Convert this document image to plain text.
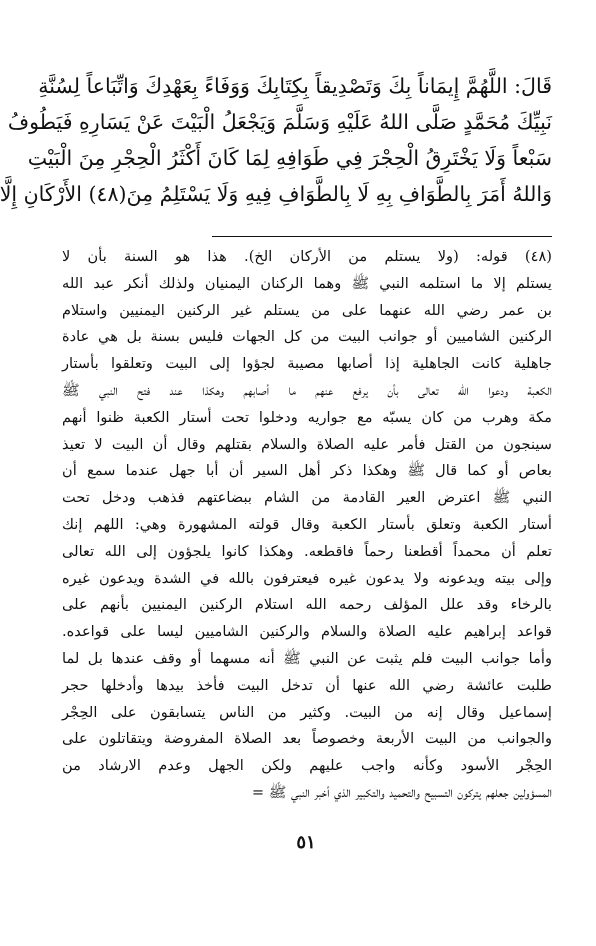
قَالَ: اللَّهُمَّ إِيمَاناً بِكَ وَتَصْدِيقاً بِكِتَابِكَ وَوَفَاءً بِعَهْدِكَ وَاتِّبَاعاً لِسُنَّةِ
نَبِيِّكَ مُحَمَّدٍ صَلَّى اللهُ عَلَيْهِ وَسَلَّمَ وَيَجْعَلُ الْبَيْتَ عَنْ يَسَارِهِ فَيَطُوفُ
سَبْعاً وَلَا يَخْتَرِقُ الْحِجْرَ فِي طَوَافِهِ لِمَا كَانَ أَكْثَرُ الْحِجْرِ مِنَ الْبَيْتِ
وَاللهُ أَمَرَ بِالطَّوَافِ بِهِ لَا بِالطَّوَافِ فِيهِ وَلَا يَسْتَلِمُ مِنَ(٤٨) الأَرْكَانِ إِلَّا
(٤٨) قوله: (ولا يستلم من الأركان الخ). هذا هو السنة بأن لا
يستلم إلا ما استلمه النبي ﷺ وهما الركنان اليمنيان ولذلك أنكر عبد الله
بن عمر رضي الله عنهما على من يستلم غير الركنين اليمنيين واستلام
الركنين الشاميين أو جوانب البيت من كل الجهات فليس بسنة بل هي عادة
جاهلية كانت الجاهلية إذا أصابها مصيبة لجؤوا إلى البيت وتعلقوا بأستار
الكعبة ودعوا الله تعالى بأن يرفع عنهم ما أصابهم وهكذا عند فتح النبي ﷺ
مكة وهرب من كان يسبّه مع جواريه ودخلوا تحت أستار الكعبة ظنوا أنهم
سينجون من القتل فأمر عليه الصلاة والسلام بقتلهم وقال أن البيت لا تعيذ
بعاص أو كما قال ﷺ وهكذا ذكر أهل السير أن أبا جهل عندما سمع أن
النبي ﷺ اعترض العير القادمة من الشام ببضاعتهم فذهب ودخل تحت
أستار الكعبة وتعلق بأستار الكعبة وقال قولته المشهورة وهي: اللهم إنك
تعلم أن محمداً أقطعنا رحماً فاقطعه. وهكذا كانوا يلجؤون إلى الله تعالى
وإلى بيته ويدعونه ولا يدعون غيره فيعترفون بالله في الشدة ويدعون غيره
بالرخاء وقد علل المؤلف رحمه الله استلام الركنين اليمنيين بأنهم على
قواعد إبراهيم عليه الصلاة والسلام والركنين الشاميين ليسا على قواعده.
وأما جوانب البيت فلم يثبت عن النبي ﷺ أنه مسهما أو وقف عندها بل لما
طلبت عائشة رضي الله عنها أن تدخل البيت فأخذ بيدها وأدخلها حجر
إسماعيل وقال إنه من البيت. وكثير من الناس يتسابقون على الحِجْر
والجوانب من البيت الأربعة وخصوصاً بعد الصلاة المفروضة ويتقاتلون على
الحِجْر الأسود وكأنه واجب عليهم ولكن الجهل وعدم الارشاد من
المسؤولين جعلهم يتركون التسبيح والتحميد والتكبير الذي أخبر النبي ﷺ =
٥١
